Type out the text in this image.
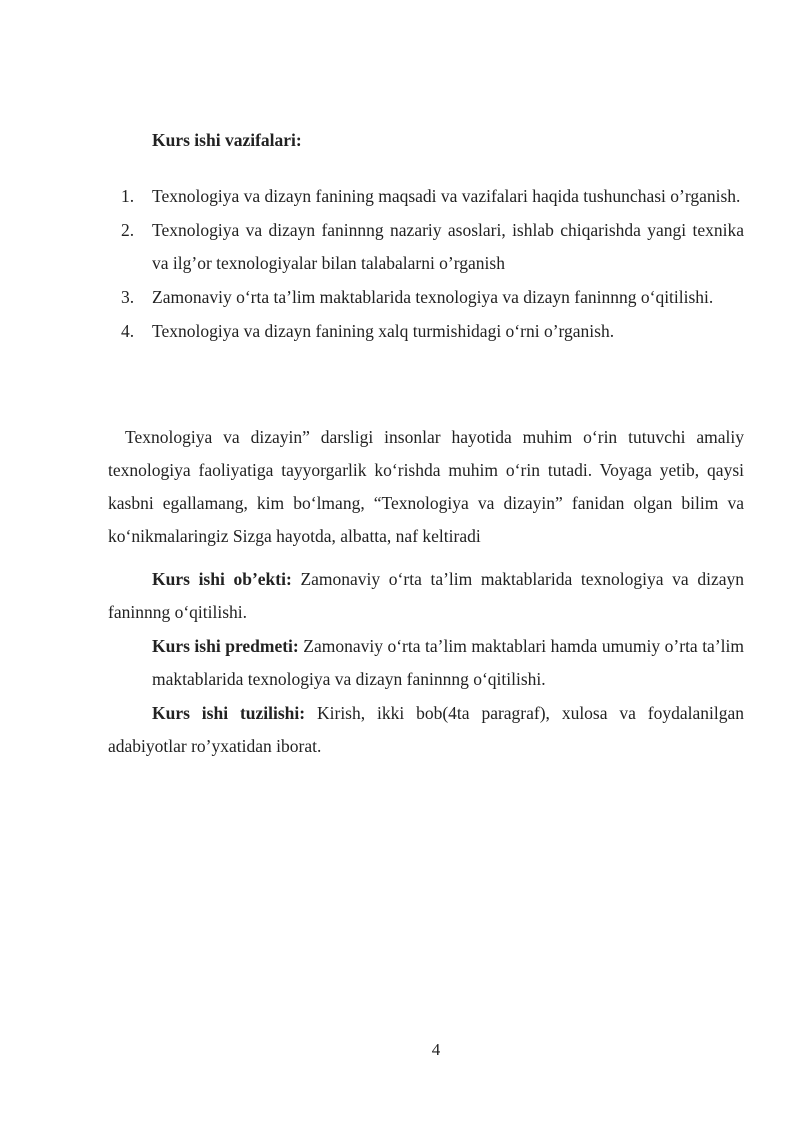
Kurs ishi vazifalari:

1. Texnologiya va dizayn fanining maqsadi va vazifalari haqida tushunchasi o’rganish.
2. Texnologiya va dizayn faninnng nazariy asoslari, ishlab chiqarishda yangi texnika va ilg’or texnologiyalar bilan talabalarni o’rganish
3. Zamonaviy o‘rta ta’lim maktablarida texnologiya va dizayn faninnng o‘qitilishi.
4. Texnologiya va dizayn fanining xalq turmishidagi o‘rni o’rganish.

Texnologiya va dizayin” darsligi insonlar hayotida muhim o‘rin tutuvchi amaliy texnologiya faoliyatiga tayyorgarlik ko‘rishda muhim o‘rin tutadi. Voyaga yetib, qaysi kasbni egallamang, kim bo‘lmang, “Texnologiya va dizayin” fanidan olgan bilim va ko‘nikmalaringiz Sizga hayotda, albatta, naf keltiradi

Kurs ishi ob’ekti: Zamonaviy o‘rta ta’lim maktablarida texnologiya va dizayn faninnng o‘qitilishi.

Kurs ishi predmeti: Zamonaviy o‘rta ta’lim maktablari hamda umumiy o’rta ta’lim maktablarida texnologiya va dizayn faninnng o‘qitilishi.

Kurs ishi tuzilishi: Kirish, ikki bob(4ta paragraf), xulosa va foydalanilgan adabiyotlar ro’yxatidan iborat.

4
